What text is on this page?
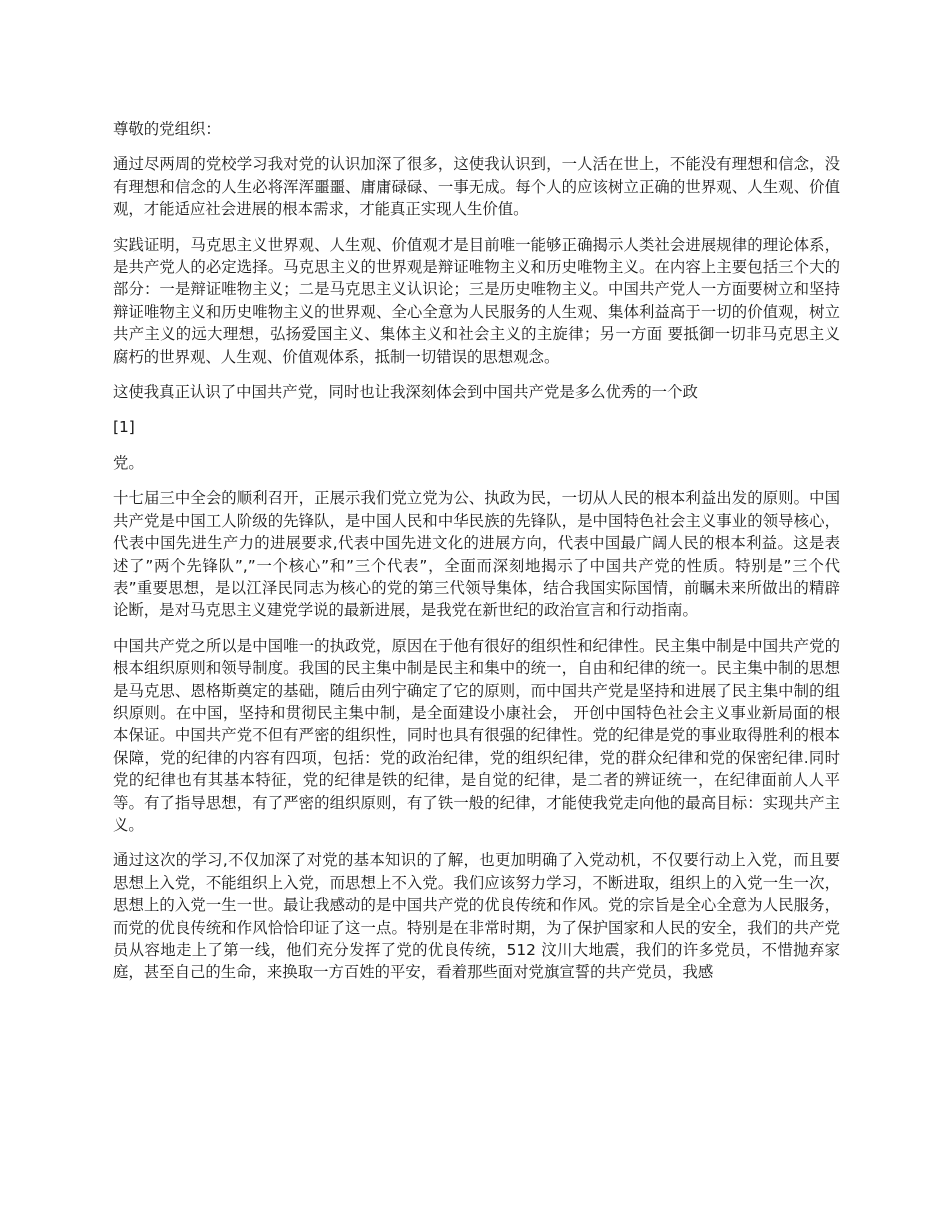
尊敬的党组织：

通过尽两周的党校学习我对党的认识加深了很多，这使我认识到，一人活在世上，不能没有理想和信念，没有理想和信念的人生必将浑浑噩噩、庸庸碌碌、一事无成。每个人的应该树立正确的世界观、人生观、价值观，才能适应社会进展的根本需求，才能真正实现人生价值。

实践证明，马克思主义世界观、人生观、价值观才是目前唯一能够正确揭示人类社会进展规律的理论体系，是共产党人的必定选择。马克思主义的世界观是辩证唯物主义和历史唯物主义。在内容上主要包括三个大的部分：一是辩证唯物主义；二是马克思主义认识论；三是历史唯物主义。中国共产党人一方面要树立和坚持辩证唯物主义和历史唯物主义的世界观、全心全意为人民服务的人生观、集体利益高于一切的价值观，树立共产主义的远大理想，弘扬爱国主义、集体主义和社会主义的主旋律；另一方面 要抵御一切非马克思主义腐朽的世界观、人生观、价值观体系，抵制一切错误的思想观念。

这使我真正认识了中国共产党，同时也让我深刻体会到中国共产党是多么优秀的一个政

[1]

党。

十七届三中全会的顺利召开，正展示我们党立党为公、执政为民，一切从人民的根本利益出发的原则。中国共产党是中国工人阶级的先锋队，是中国人民和中华民族的先锋队，是中国特色社会主义事业的领导核心，代表中国先进生产力的进展要求,代表中国先进文化的进展方向，代表中国最广阔人民的根本利益。这是表述了”两个先锋队”,”一个核心”和”三个代表”，全面而深刻地揭示了中国共产党的性质。特别是”三个代表”重要思想，是以江泽民同志为核心的党的第三代领导集体，结合我国实际国情，前瞩未来所做出的精辟论断，是对马克思主义建党学说的最新进展，是我党在新世纪的政治宣言和行动指南。

中国共产党之所以是中国唯一的执政党，原因在于他有很好的组织性和纪律性。民主集中制是中国共产党的根本组织原则和领导制度。我国的民主集中制是民主和集中的统一，自由和纪律的统一。民主集中制的思想是马克思、恩格斯奠定的基础，随后由列宁确定了它的原则，而中国共产党是坚持和进展了民主集中制的组织原则。在中国，坚持和贯彻民主集中制，是全面建设小康社会， 开创中国特色社会主义事业新局面的根本保证。中国共产党不但有严密的组织性，同时也具有很强的纪律性。党的纪律是党的事业取得胜利的根本保障，党的纪律的内容有四项，包括：党的政治纪律，党的组织纪律，党的群众纪律和党的保密纪律.同时党的纪律也有其基本特征，党的纪律是铁的纪律，是自觉的纪律，是二者的辨证统一，在纪律面前人人平等。有了指导思想，有了严密的组织原则，有了铁一般的纪律，才能使我党走向他的最高目标：实现共产主义。

通过这次的学习,不仅加深了对党的基本知识的了解，也更加明确了入党动机，不仅要行动上入党，而且要思想上入党，不能组织上入党，而思想上不入党。我们应该努力学习，不断进取，组织上的入党一生一次，思想上的入党一生一世。最让我感动的是中国共产党的优良传统和作风。党的宗旨是全心全意为人民服务，而党的优良传统和作风恰恰印证了这一点。特别是在非常时期，为了保护国家和人民的安全，我们的共产党员从容地走上了第一线，他们充分发挥了党的优良传统，512 汶川大地震，我们的许多党员，不惜抛弃家庭，甚至自己的生命，来换取一方百姓的平安，看着那些面对党旗宣誓的共产党员，我感
